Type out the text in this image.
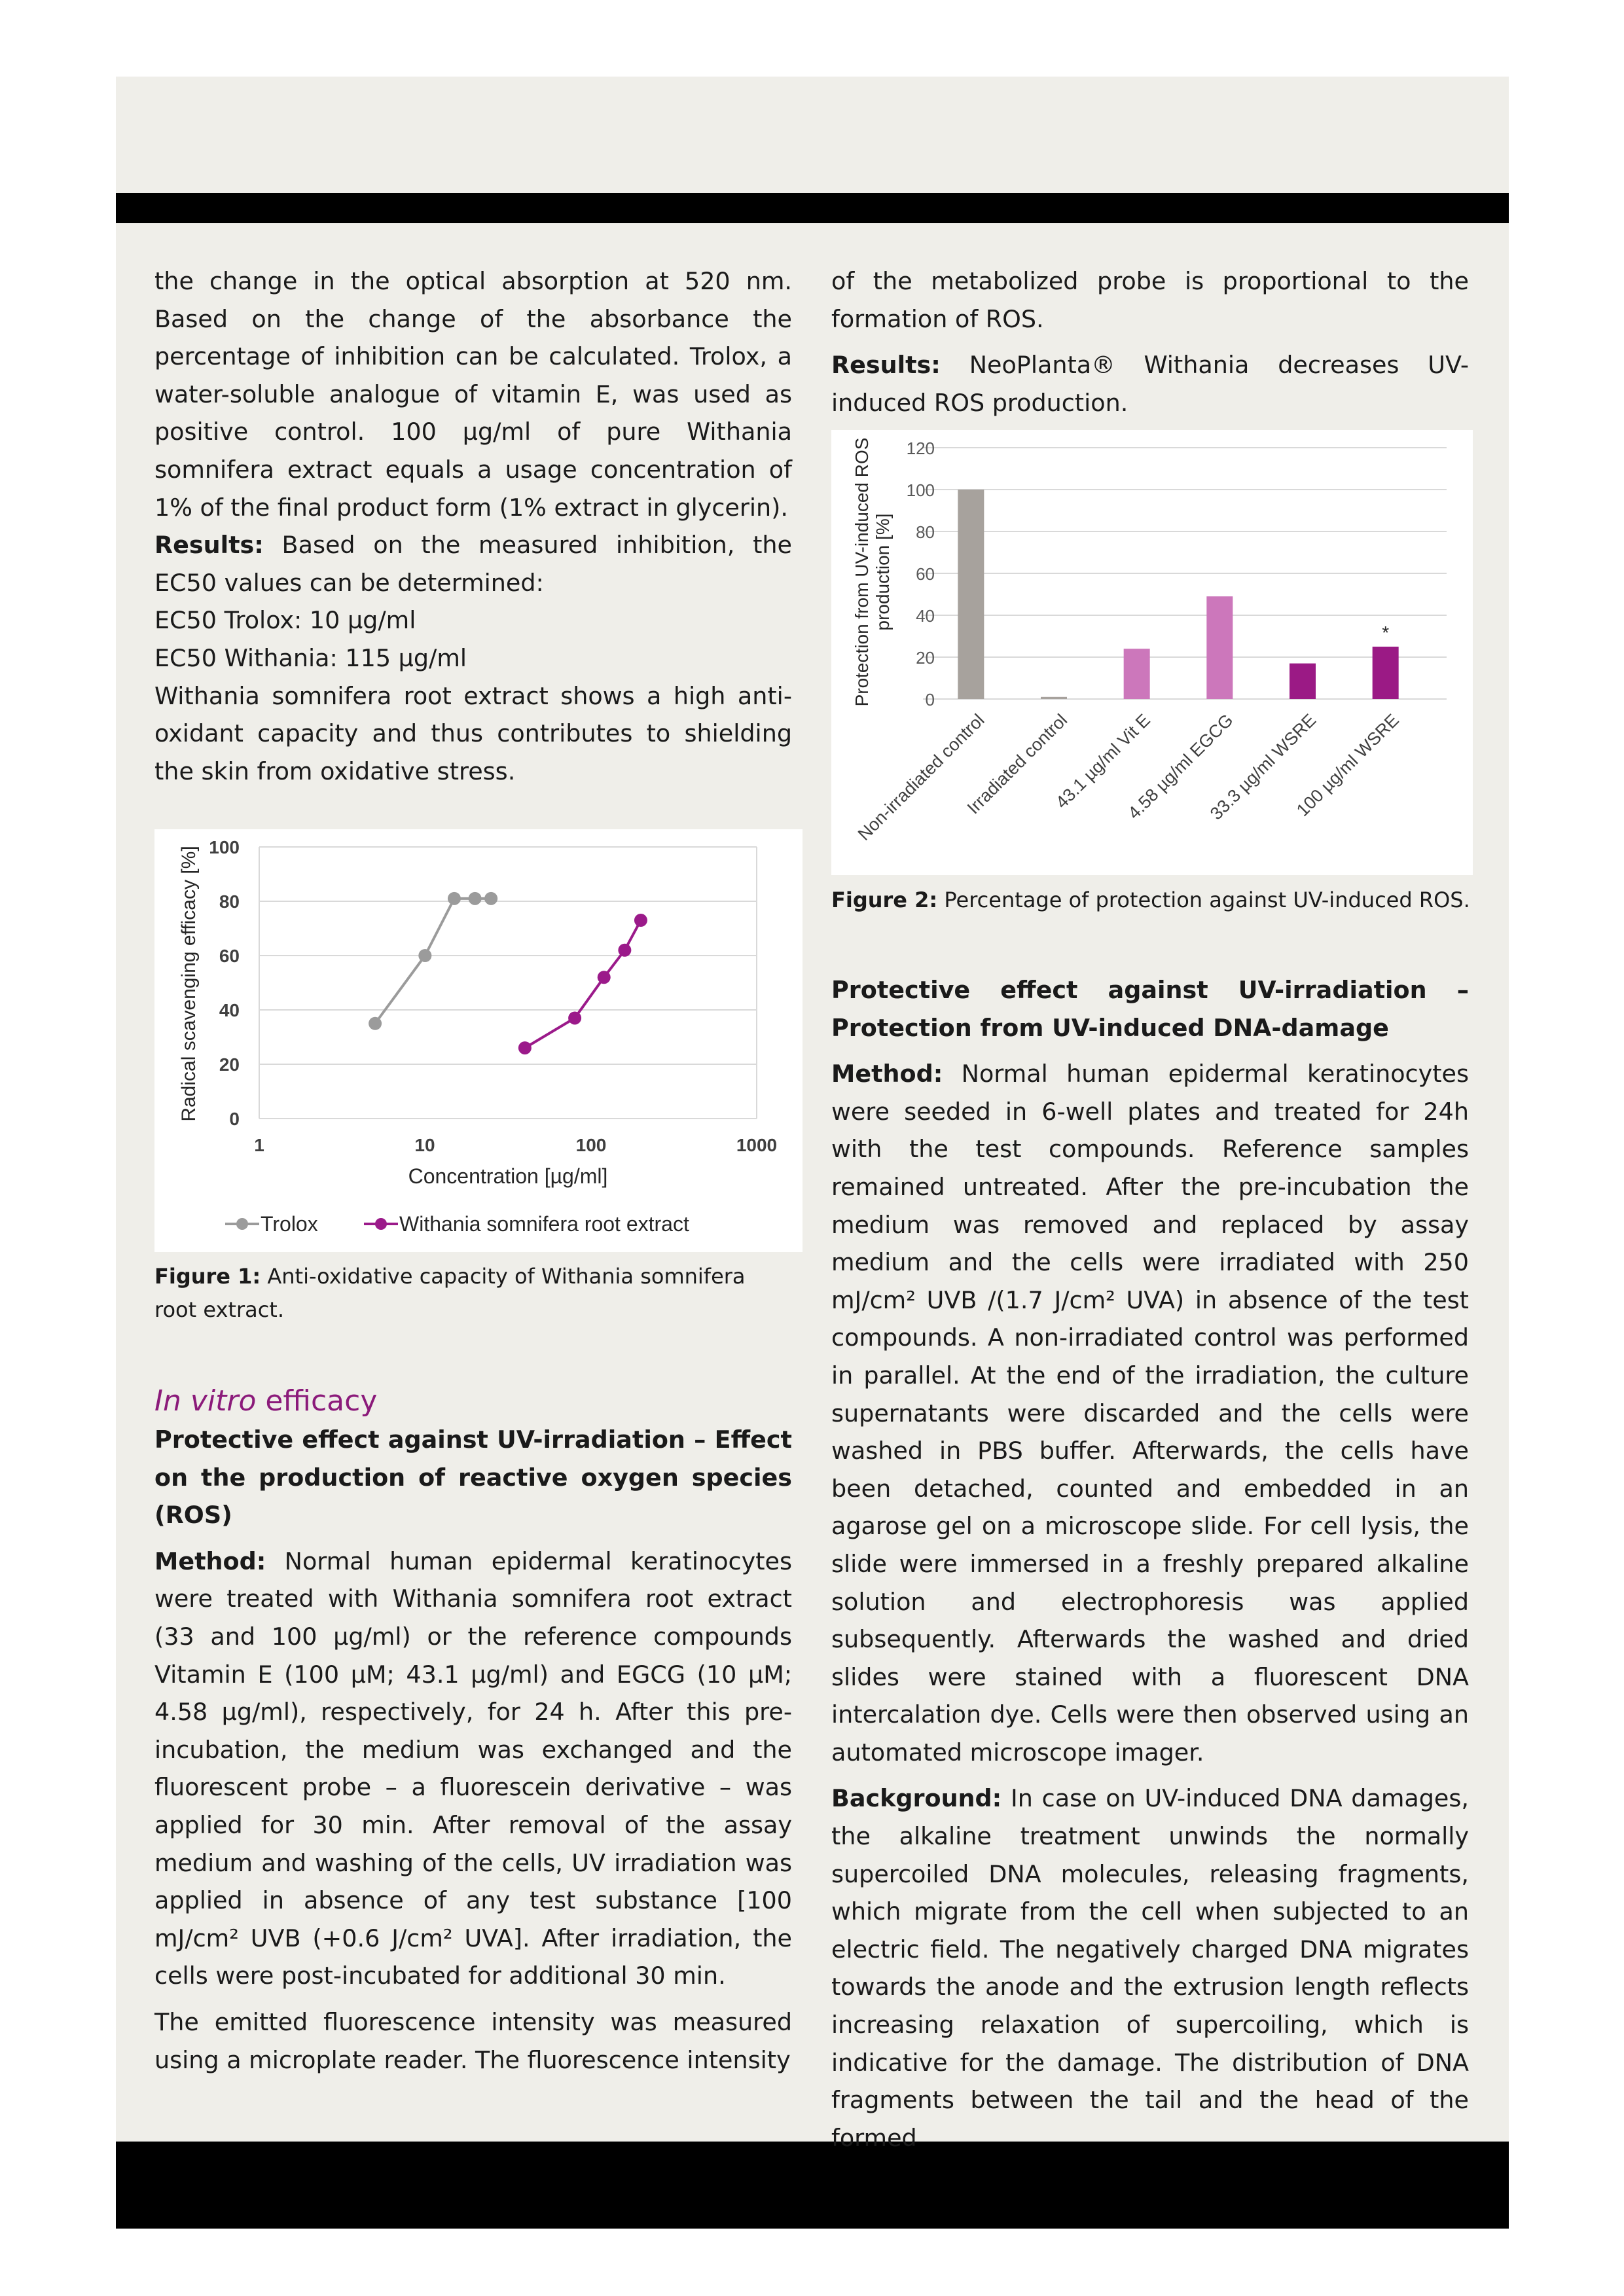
the change in the optical absorption at 520 nm. Based on the change of the absorbance the percentage of inhibition can be calculated. Trolox, a water-soluble analogue of vitamin E, was used as positive control. 100 µg/ml of pure Withania somnifera extract equals a usage concentration of 1% of the final product form (1% extract in glycerin).

Results: Based on the measured inhibition, the EC50 values can be determined:

EC50 Trolox: 10 µg/ml

EC50 Withania: 115 µg/ml

Withania somnifera root extract shows a high anti-oxidant capacity and thus contributes to shielding the skin from oxidative stress.

100
80
60
40
20
0
1	10	100	1000
Concentration [µg/ml]
Radical scavenging efficacy [%]
Trolox	Withania somnifera root extract

Figure 1: Anti-oxidative capacity of Withania somnifera root extract.

In vitro efficacy

Protective effect against UV-irradiation – Effect on the production of reactive oxygen species (ROS)

Method: Normal human epidermal keratinocytes were treated with Withania somnifera root extract (33 and 100 µg/ml) or the reference compounds Vitamin E (100 µM; 43.1 µg/ml) and EGCG (10 µM; 4.58 µg/ml), respectively, for 24 h. After this pre-incubation, the medium was exchanged and the fluorescent probe – a fluorescein derivative – was applied for 30 min. After removal of the assay medium and washing of the cells, UV irradiation was applied in absence of any test substance [100 mJ/cm² UVB (+0.6 J/cm² UVA]. After irradiation, the cells were post-incubated for additional 30 min.

The emitted fluorescence intensity was measured using a microplate reader. The fluorescence intensity

of the metabolized probe is proportional to the formation of ROS.

Results: NeoPlanta® Withania decreases UV-induced ROS production.

120
100
80
60
40
20
0
Protection from UV-induced ROS production [%]
Non-irradiated control
Irradiated control
43.1 µg/ml Vit E
4.58 µg/ml EGCG
33.3 µg/ml WSRE
100 µg/ml WSRE
*

Figure 2: Percentage of protection against UV-induced ROS.

Protective effect against UV-irradiation – Protection from UV-induced DNA-damage

Method: Normal human epidermal keratinocytes were seeded in 6-well plates and treated for 24h with the test compounds. Reference samples remained untreated. After the pre-incubation the medium was removed and replaced by assay medium and the cells were irradiated with 250 mJ/cm² UVB /(1.7 J/cm² UVA) in absence of the test compounds. A non-irradiated control was performed in parallel. At the end of the irradiation, the culture supernatants were discarded and the cells were washed in PBS buffer. Afterwards, the cells have been detached, counted and embedded in an agarose gel on a microscope slide. For cell lysis, the slide were immersed in a freshly prepared alkaline solution and electrophoresis was applied subsequently. Afterwards the washed and dried slides were stained with a fluorescent DNA intercalation dye. Cells were then observed using an automated microscope imager.

Background: In case on UV-induced DNA damages, the alkaline treatment unwinds the normally supercoiled DNA molecules, releasing fragments, which migrate from the cell when subjected to an electric field. The negatively charged DNA migrates towards the anode and the extrusion length reflects increasing relaxation of supercoiling, which is indicative for the damage. The distribution of DNA fragments between the tail and the head of the formed
